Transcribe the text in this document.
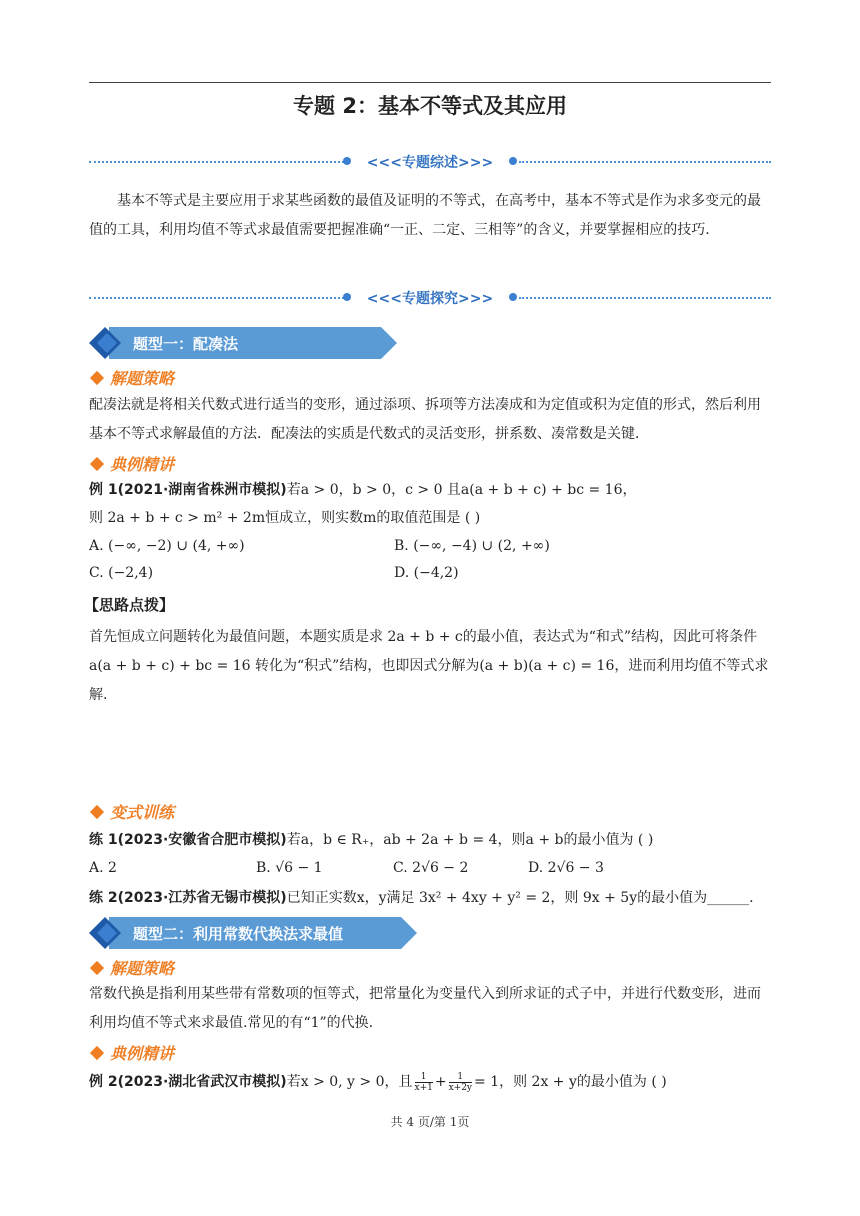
专题 2：基本不等式及其应用
<<<专题综述>>>
基本不等式是主要应用于求某些函数的最值及证明的不等式，在高考中，基本不等式是作为求多变元的最值的工具，利用均值不等式求最值需要把握准确“一正、二定、三相等”的含义，并要掌握相应的技巧.
<<<专题探究>>>
题型一：配凑法
解题策略
配凑法就是将相关代数式进行适当的变形，通过添项、拆项等方法凑成和为定值或积为定值的形式，然后利用基本不等式求解最值的方法．配凑法的实质是代数式的灵活变形，拼系数、凑常数是关键．
典例精讲
例 1(2021·湖南省株洲市模拟)若a > 0，b > 0，c > 0 且a(a + b + c) + bc = 16，
则 2a + b + c > m² + 2m恒成立，则实数m的取值范围是 ( )
A. (−∞, −2) ∪ (4, +∞)	B. (−∞, −4) ∪ (2, +∞)
C. (−2,4)	D. (−4,2)
【思路点拨】
首先恒成立问题转化为最值问题，本题实质是求 2a + b + c的最小值，表达式为“和式”结构，因此可将条件a(a + b + c) + bc = 16 转化为“积式”结构，也即因式分解为(a + b)(a + c) = 16，进而利用均值不等式求解.
变式训练
练 1(2023·安徽省合肥市模拟)若a，b ∈ R₊，ab + 2a + b = 4，则a + b的最小值为 ( )
A. 2	B. √6 − 1	C. 2√6 − 2	D. 2√6 − 3
练 2(2023·江苏省无锡市模拟)已知正实数x，y满足 3x² + 4xy + y² = 2，则 9x + 5y的最小值为______.
题型二：利用常数代换法求最值
解题策略
常数代换是指利用某些带有常数项的恒等式，把常量化为变量代入到所求证的式子中，并进行代数变形，进而利用均值不等式来求最值.常见的有“1”的代换.
典例精讲
例 2(2023·湖北省武汉市模拟)若x > 0, y > 0，且 $\frac{1}{x+1} + \frac{1}{x+2y} = 1$，则 2x + y的最小值为 ( )
共 4 页/第 1页
